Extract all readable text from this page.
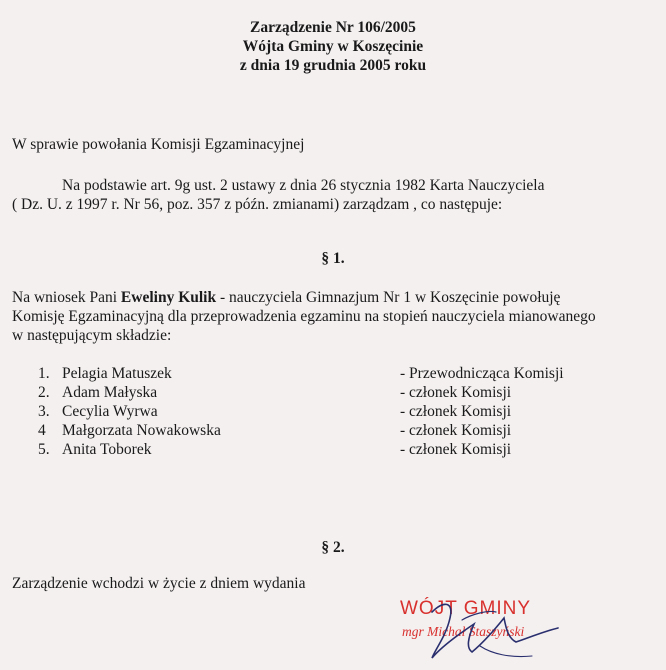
Zarządzenie Nr 106/2005
Wójta Gminy w Koszęcinie
z dnia 19 grudnia 2005 roku
W sprawie powołania Komisji Egzaminacyjnej
Na podstawie art. 9g ust. 2 ustawy z dnia 26 stycznia 1982 Karta Nauczyciela
( Dz. U. z 1997 r. Nr 56, poz. 357 z późn. zmianami) zarządzam , co następuje:
§ 1.
Na wniosek Pani Eweliny Kulik - nauczyciela Gimnazjum Nr 1 w Koszęcinie powołuję
Komisję Egzaminacyjną dla przeprowadzenia egzaminu na stopień nauczyciela mianowanego
w następującym składzie:
1. Pelagia Matuszek	- Przewodnicząca Komisji
2. Adam Małyska	- członek Komisji
3. Cecylia Wyrwa	- członek Komisji
4 Małgorzata Nowakowska	- członek Komisji
5. Anita Toborek	- członek Komisji
§ 2.
Zarządzenie wchodzi w życie z dniem wydania
WÓJT GMINY
mgr Michał Staszyński
